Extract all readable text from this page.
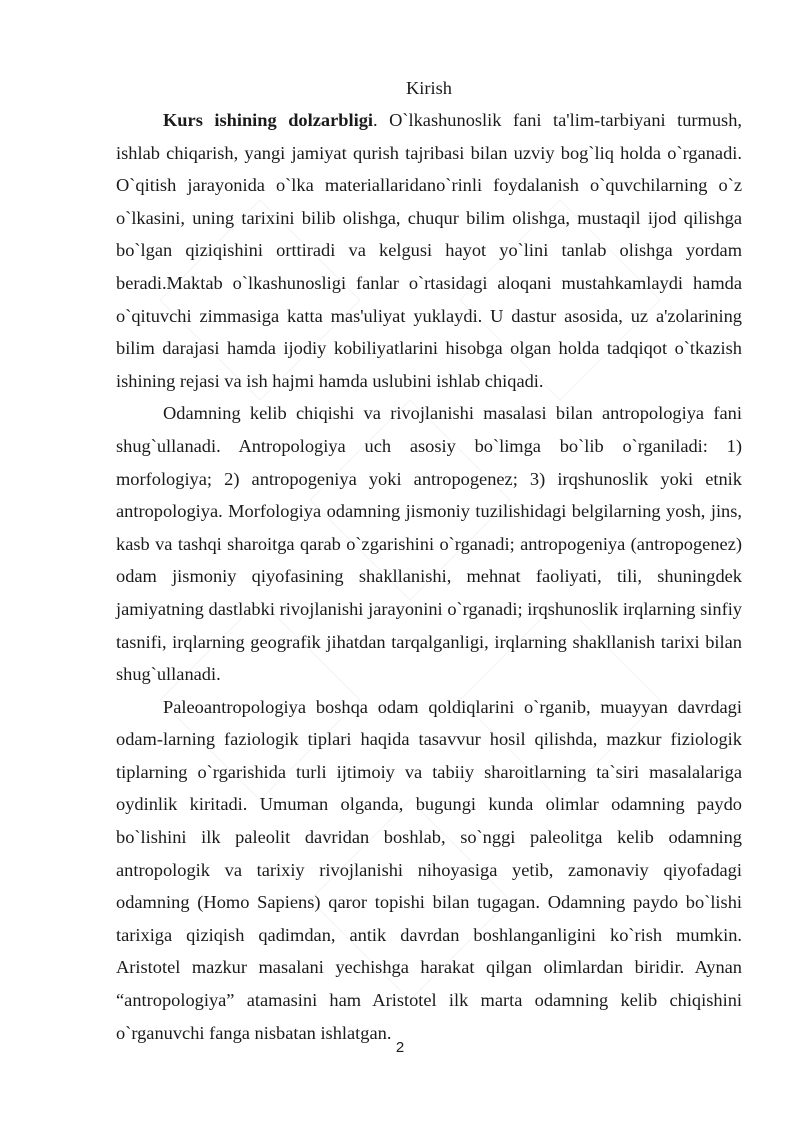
Kirish

Kurs ishining dolzarbligi. O`lkashunoslik fani ta'lim-tarbiyani turmush, ishlab chiqarish, yangi jamiyat qurish tajribasi bilan uzviy bog`liq holda o`rganadi. O`qitish jarayonida o`lka materiallaridano`rinli foydalanish o`quvchilarning o`z o`lkasini, uning tarixini bilib olishga, chuqur bilim olishga, mustaqil ijod qilishga bo`lgan qiziqishini orttiradi va kelgusi hayot yo`lini tanlab olishga yordam beradi.Maktab o`lkashunosligi fanlar o`rtasidagi aloqani mustahkamlaydi hamda o`qituvchi zimmasiga katta mas'uliyat yuklaydi. U dastur asosida, uz a'zolarining bilim darajasi hamda ijodiy kobiliyatlarini hisobga olgan holda tadqiqot o`tkazish ishining rejasi va ish hajmi hamda uslubini ishlab chiqadi.

Odamning kelib chiqishi va rivojlanishi masalasi bilan antropologiya fani shug`ullanadi. Antropologiya uch asosiy bo`limga bo`lib o`rganiladi: 1) morfologiya; 2) antropogeniya yoki antropogenez; 3) irqshunoslik yoki etnik antropologiya. Morfologiya odamning jismoniy tuzilishidagi belgilarning yosh, jins, kasb va tashqi sharoitga qarab o`zgarishini o`rganadi; antropogeniya (antropogenez) odam jismoniy qiyofasining shakllanishi, mehnat faoliyati, tili, shuningdek jamiyatning dastlabki rivojlanishi jarayonini o`rganadi; irqshunoslik irqlarning sinfiy tasnifi, irqlarning geografik jihatdan tarqalganligi, irqlarning shakllanish tarixi bilan shug`ullanadi.

Paleoantropologiya boshqa odam qoldiqlarini o`rganib, muayyan davrdagi odam-larning faziologik tiplari haqida tasavvur hosil qilishda, mazkur fiziologik tiplarning o`rgarishida turli ijtimoiy va tabiiy sharoitlarning ta`siri masalalariga oydinlik kiritadi. Umuman olganda, bugungi kunda olimlar odamning paydo bo`lishini ilk paleolit davridan boshlab, so`nggi paleolitga kelib odamning antropologik va tarixiy rivojlanishi nihoyasiga yetib, zamonaviy qiyofadagi odamning (Homo Sapiens) qaror topishi bilan tugagan. Odamning paydo bo`lishi tarixiga qiziqish qadimdan, antik davrdan boshlanganligini ko`rish mumkin. Aristotel mazkur masalani yechishga harakat qilgan olimlardan biridir. Aynan “antropologiya” atamasini ham Aristotel ilk marta odamning kelib chiqishini o`rganuvchi fanga nisbatan ishlatgan.

2
